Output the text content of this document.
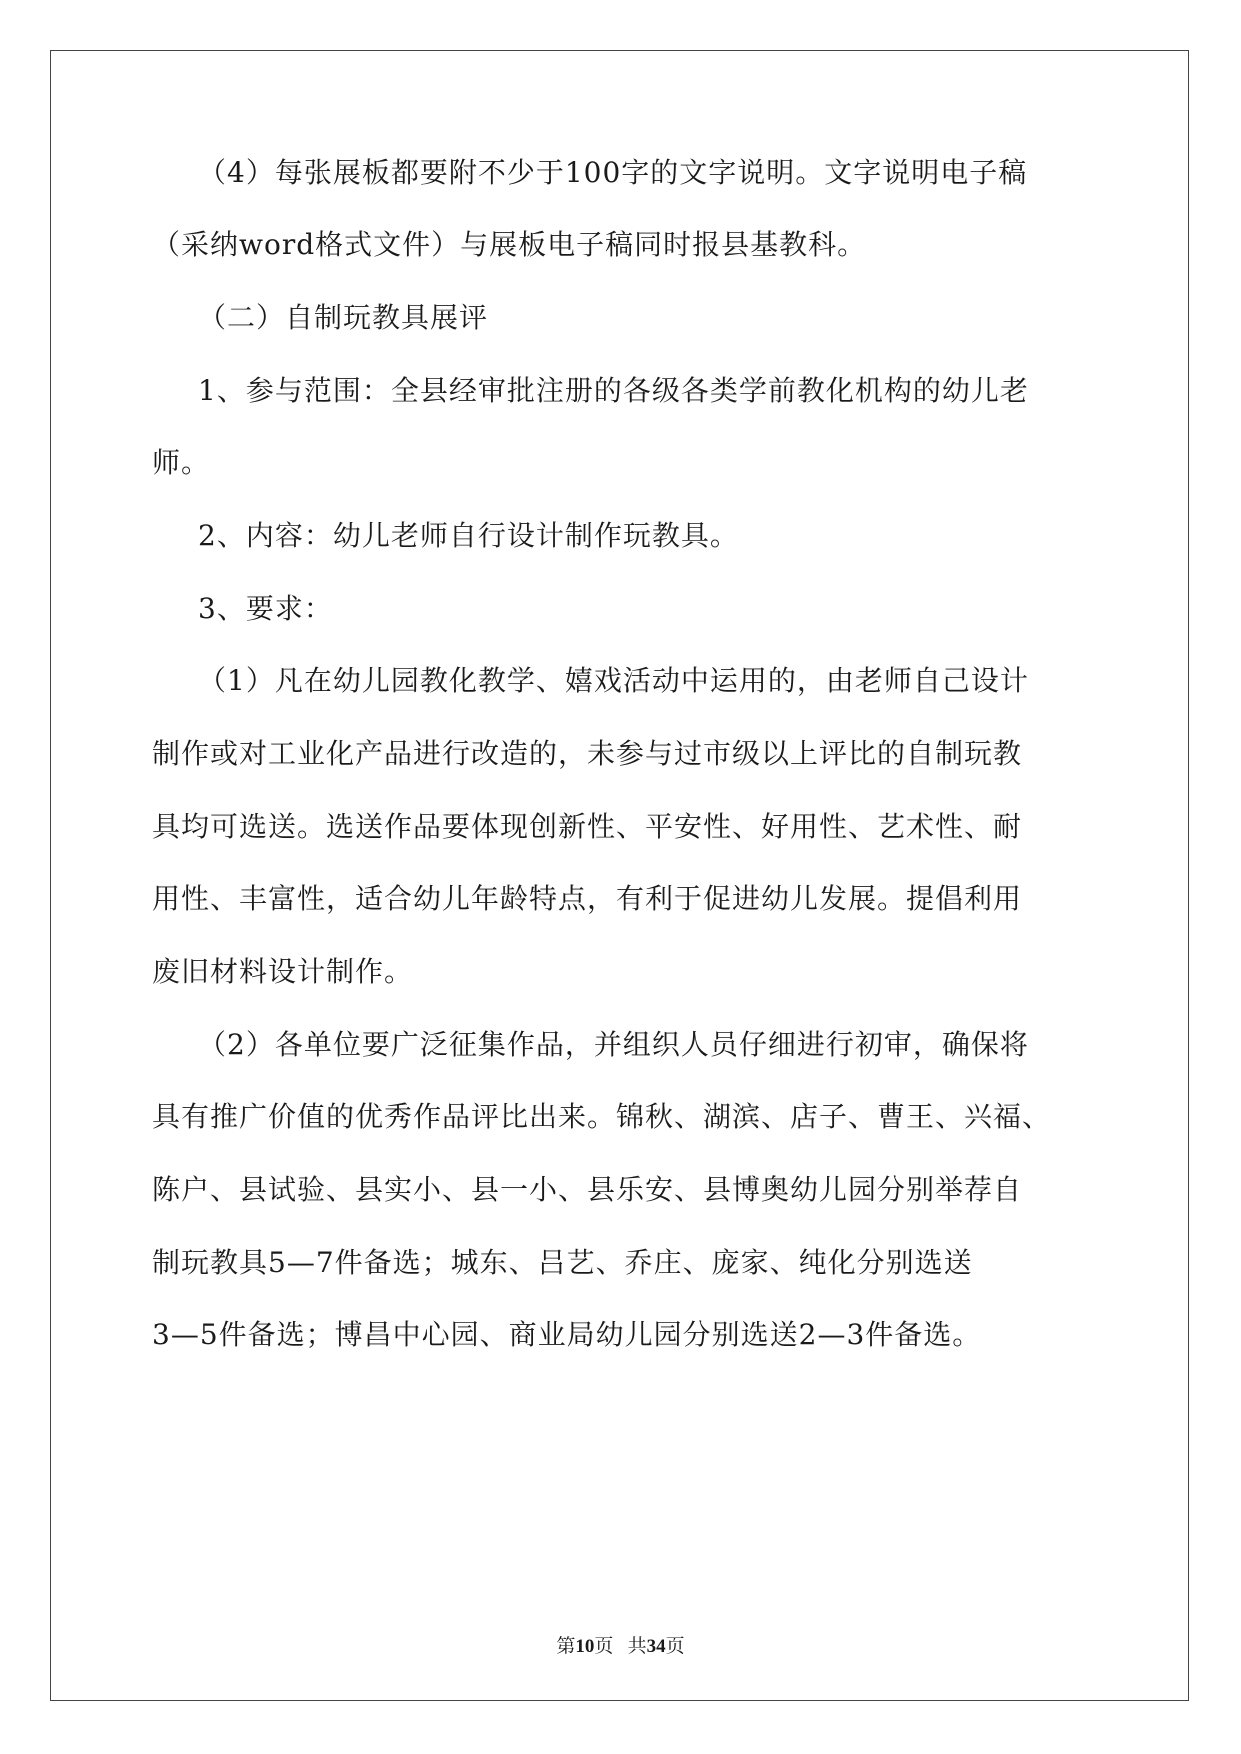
（4）每张展板都要附不少于100字的文字说明。文字说明电子稿
（采纳word格式文件）与展板电子稿同时报县基教科。
（二）自制玩教具展评
1、参与范围：全县经审批注册的各级各类学前教化机构的幼儿老
师。
2、内容：幼儿老师自行设计制作玩教具。
3、要求：
（1）凡在幼儿园教化教学、嬉戏活动中运用的，由老师自己设计
制作或对工业化产品进行改造的，未参与过市级以上评比的自制玩教
具均可选送。选送作品要体现创新性、平安性、好用性、艺术性、耐
用性、丰富性，适合幼儿年龄特点，有利于促进幼儿发展。提倡利用
废旧材料设计制作。
（2）各单位要广泛征集作品，并组织人员仔细进行初审，确保将
具有推广价值的优秀作品评比出来。锦秋、湖滨、店子、曹王、兴福、
陈户、县试验、县实小、县一小、县乐安、县博奥幼儿园分别举荐自
制玩教具5—7件备选；城东、吕艺、乔庄、庞家、纯化分别选送
3—5件备选；博昌中心园、商业局幼儿园分别选送2—3件备选。
第10页 共34页
